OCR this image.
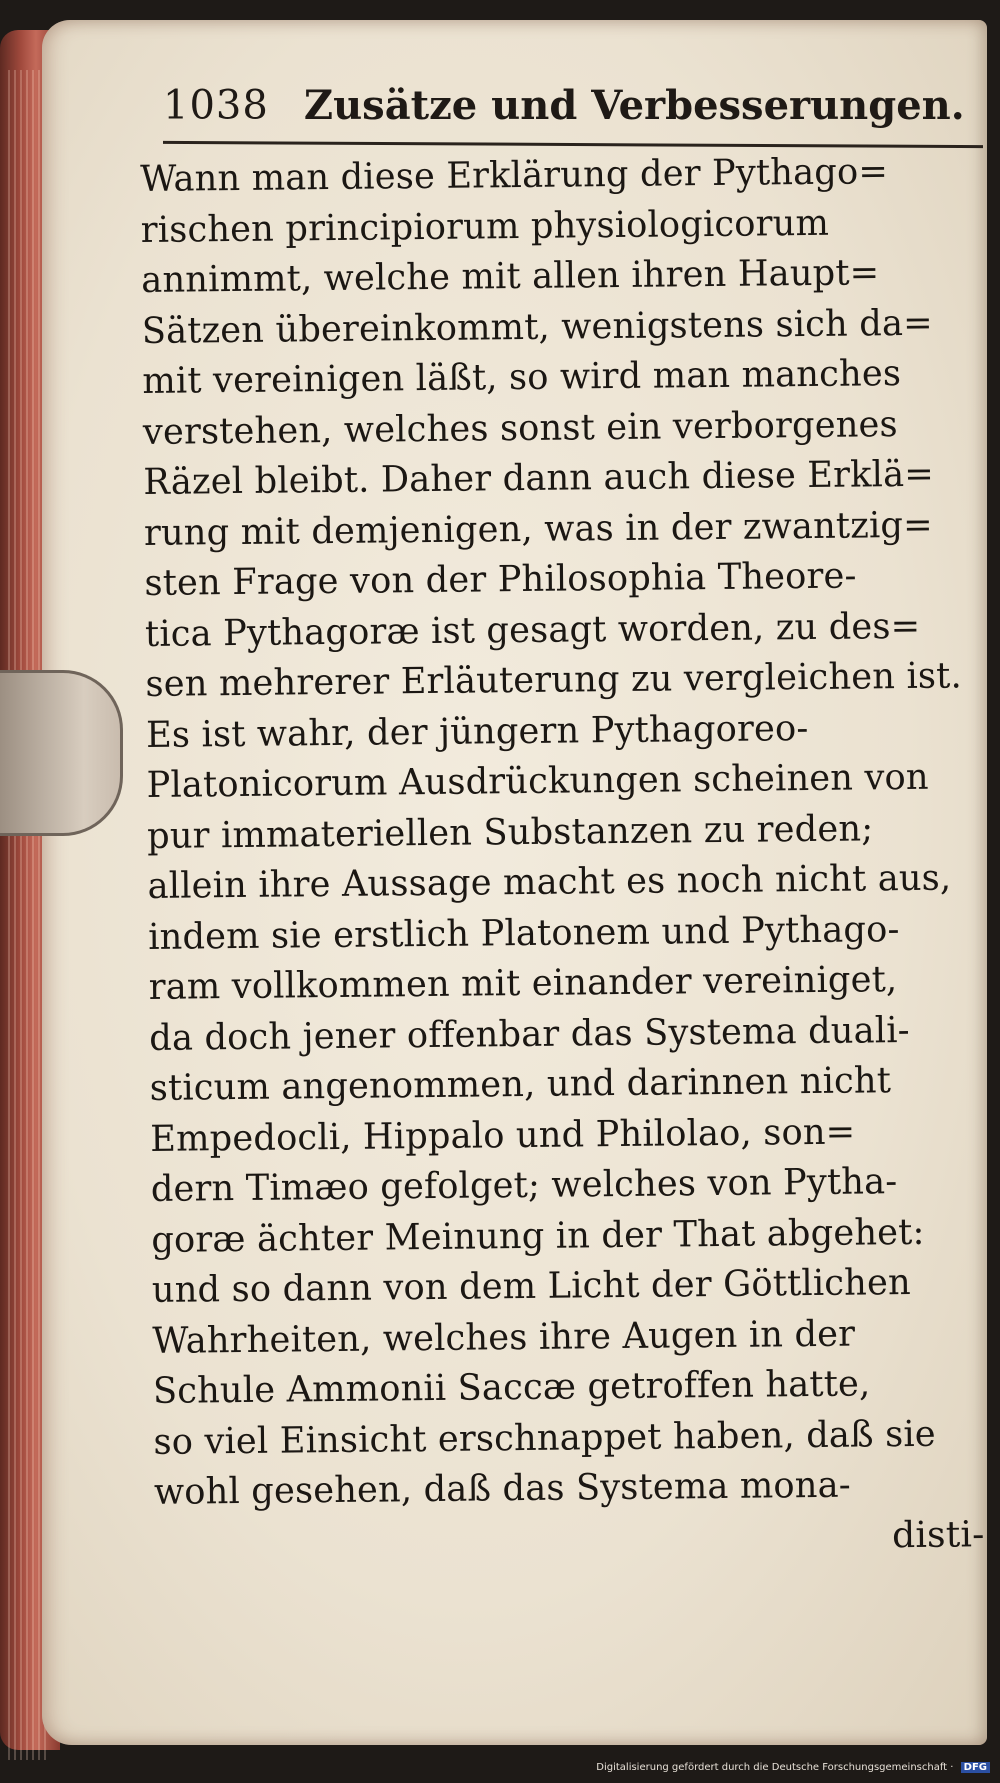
1038 Zusätze und Verbesserungen.
Wann man diese Erklärung der Pythago=
rischen principiorum physiologicorum
annimmt, welche mit allen ihren Haupt=
Sätzen übereinkommt, wenigstens sich da=
mit vereinigen läßt, so wird man manches
verstehen, welches sonst ein verborgenes
Räzel bleibt. Daher dann auch diese Erklä=
rung mit demjenigen, was in der zwantzig=
sten Frage von der Philosophia Theore-
tica Pythagoræ ist gesagt worden, zu des=
sen mehrerer Erläuterung zu vergleichen ist.
Es ist wahr, der jüngern Pythagoreo-
Platonicorum Ausdrückungen scheinen von
pur immateriellen Substanzen zu reden;
allein ihre Aussage macht es noch nicht aus,
indem sie erstlich Platonem und Pythago-
ram vollkommen mit einander vereiniget,
da doch jener offenbar das Systema duali-
sticum angenommen, und darinnen nicht
Empedocli, Hippalo und Philolao, son=
dern Timæo gefolget; welches von Pytha-
goræ ächter Meinung in der That abgehet:
und so dann von dem Licht der Göttlichen
Wahrheiten, welches ihre Augen in der
Schule Ammonii Saccæ getroffen hatte,
so viel Einsicht erschnappet haben, daß sie
wohl gesehen, daß das Systema mona-
disti-
Digitalisierung gefördert durch die Deutsche Forschungsgemeinschaft · DFG
